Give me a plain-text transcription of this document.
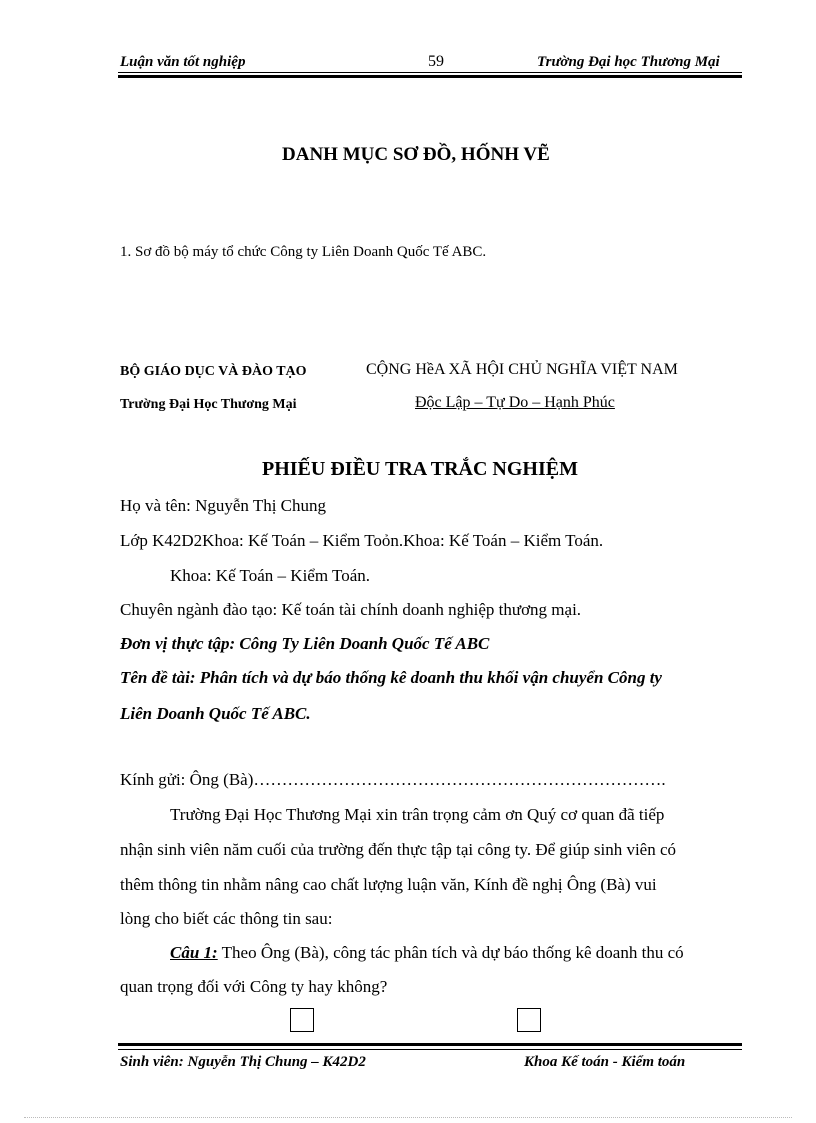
Luận văn tốt nghiệp	59	Trường Đại học Thương Mại
DANH MỤC SƠ ĐỒ, HỐNH VẼ
1. Sơ đồ bộ máy tổ chức Công ty Liên Doanh Quốc Tế ABC.
BỘ GIÁO DỤC VÀ ĐÀO TẠO
Trường Đại Học Thương Mại
CỘNG HềA XÃ HỘI CHỦ NGHĨA VIỆT NAM
Độc Lập – Tự Do – Hạnh Phúc
PHIẾU ĐIỀU TRA TRẮC NGHIỆM
Họ và tên: Nguyễn Thị Chung
Lớp K42D2Khoa: Kế Toán – Kiểm Toỏn.Khoa: Kế Toán – Kiểm Toán.
Khoa: Kế Toán – Kiểm Toán.
Chuyên ngành đào tạo: Kế toán tài chính doanh nghiệp thương mại.
Đơn vị thực tập: Công Ty Liên Doanh Quốc Tế ABC
Tên đề tài: Phân tích và dự báo thống kê doanh thu khối vận chuyển Công ty
Liên Doanh Quốc Tế ABC.
Kính gửi: Ông (Bà)……………………………………………………………….
Trường Đại Học Thương Mại xin trân trọng cảm ơn Quý cơ quan đã tiếp
nhận sinh viên năm cuối của trường đến thực tập tại công ty. Để giúp sinh viên có
thêm thông tin nhằm nâng cao chất lượng luận văn, Kính đề nghị Ông (Bà) vui
lòng cho biết các thông tin sau:
Câu 1: Theo Ông (Bà), công tác phân tích và dự báo thống kê doanh thu có
quan trọng đối với Công ty hay không?
Sinh viên: Nguyễn Thị Chung – K42D2	Khoa Kế toán - Kiểm toán
